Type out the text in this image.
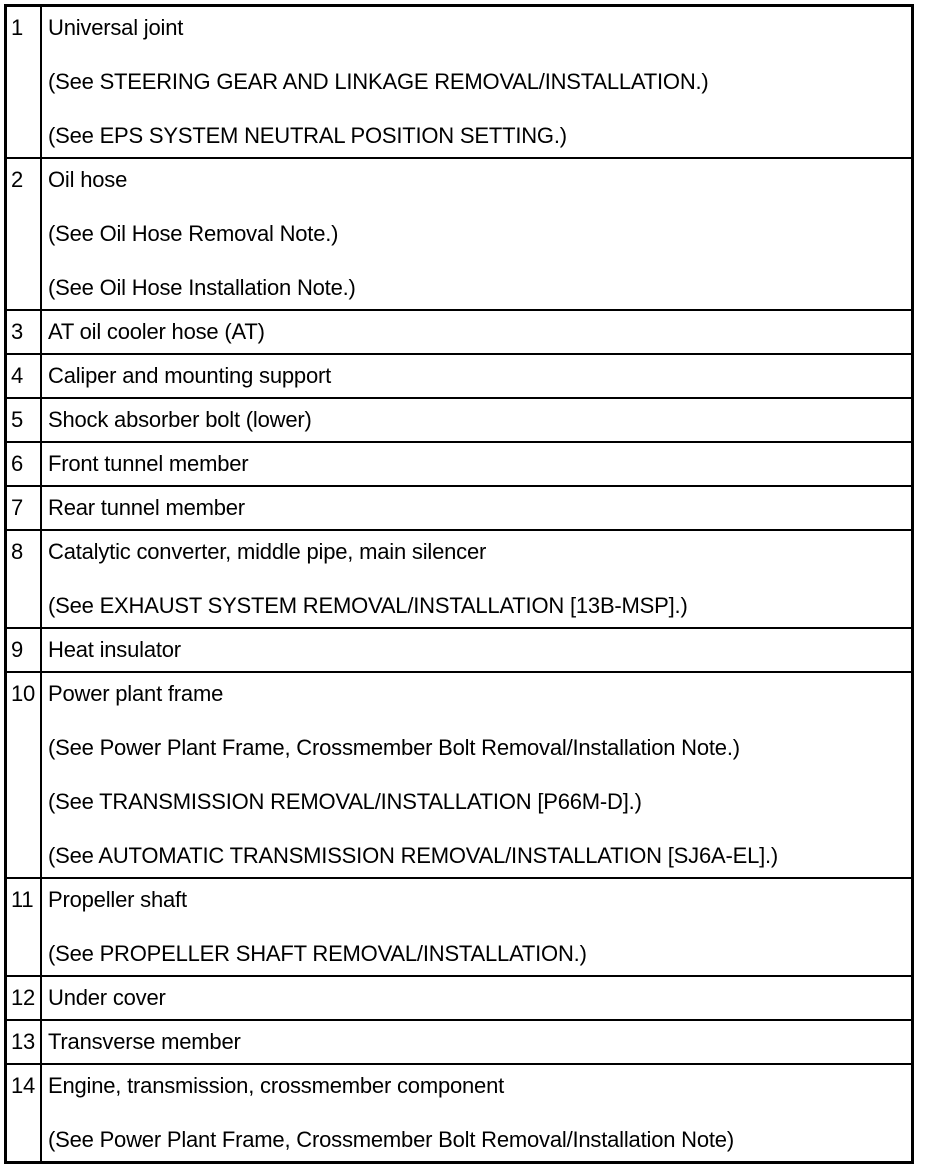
1	Universal joint
(See STEERING GEAR AND LINKAGE REMOVAL/INSTALLATION.)
(See EPS SYSTEM NEUTRAL POSITION SETTING.)

2	Oil hose
(See Oil Hose Removal Note.)
(See Oil Hose Installation Note.)

3	AT oil cooler hose (AT)

4	Caliper and mounting support

5	Shock absorber bolt (lower)

6	Front tunnel member

7	Rear tunnel member

8	Catalytic converter, middle pipe, main silencer
(See EXHAUST SYSTEM REMOVAL/INSTALLATION [13B-MSP].)

9	Heat insulator

10	Power plant frame
(See Power Plant Frame, Crossmember Bolt Removal/Installation Note.)
(See TRANSMISSION REMOVAL/INSTALLATION [P66M-D].)
(See AUTOMATIC TRANSMISSION REMOVAL/INSTALLATION [SJ6A-EL].)

11	Propeller shaft
(See PROPELLER SHAFT REMOVAL/INSTALLATION.)

12	Under cover

13	Transverse member

14	Engine, transmission, crossmember component
(See Power Plant Frame, Crossmember Bolt Removal/Installation Note)
